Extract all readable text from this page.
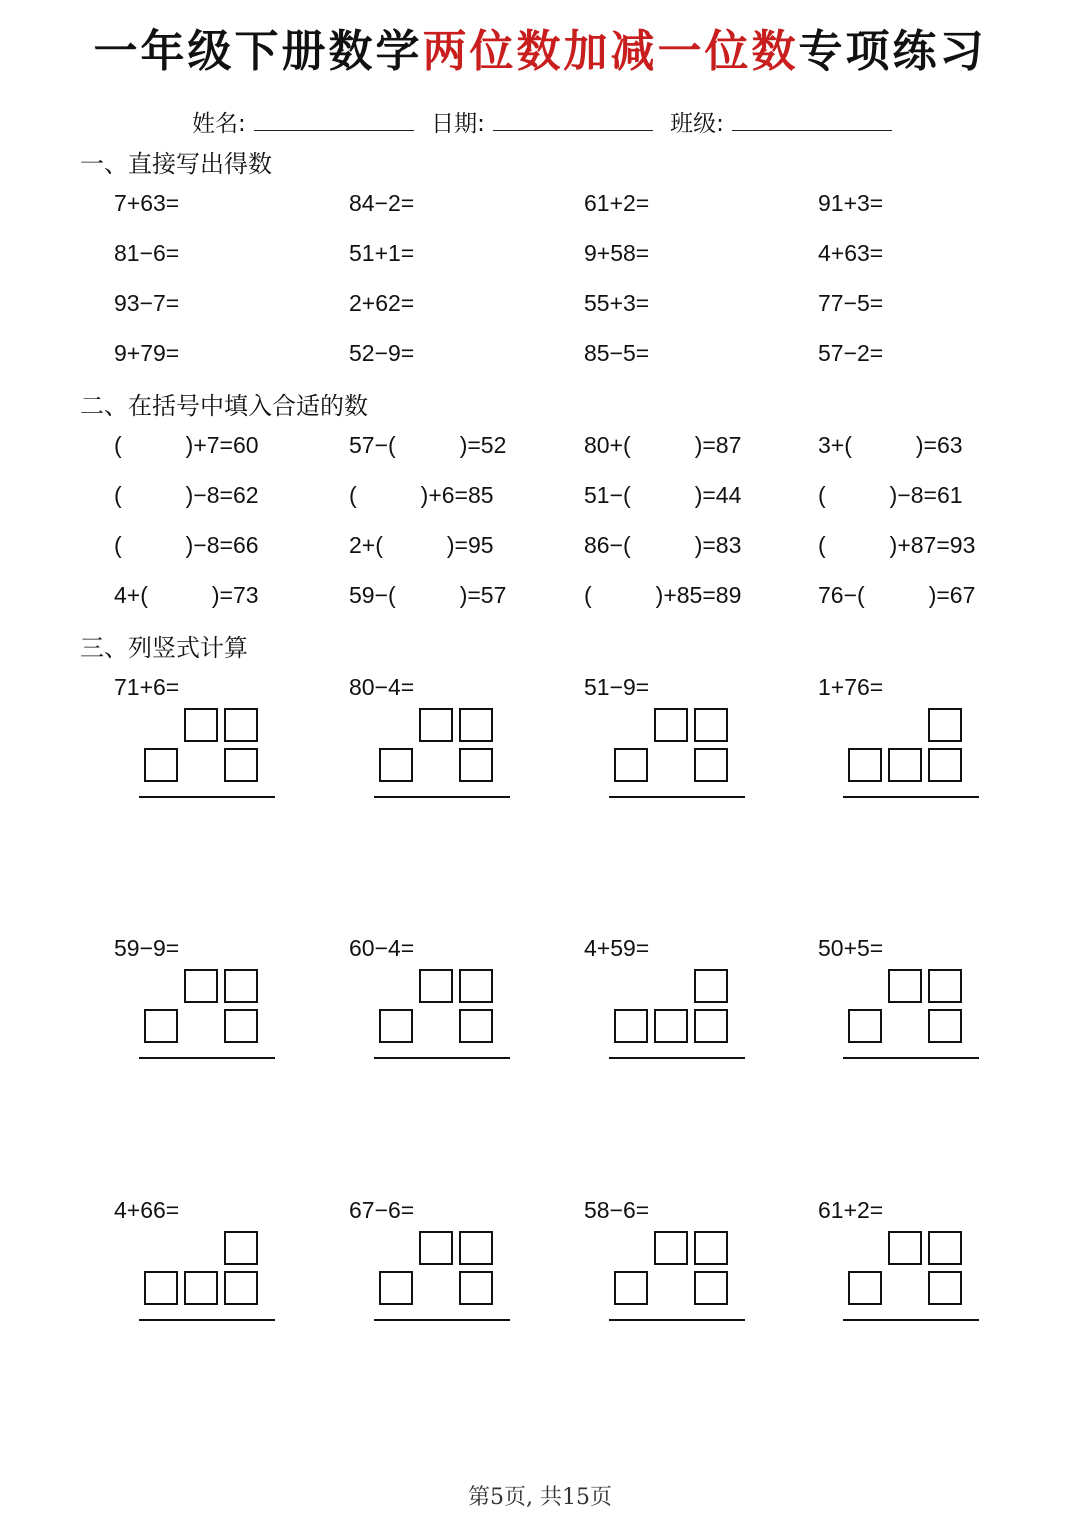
一年级下册数学两位数加减一位数专项练习
姓名:	日期:	班级:
一、直接写出得数
二、在括号中填入合适的数
三、列竖式计算
7+63=	84−2=	61+2=	91+3=
81−6=	51+1=	9+58=	4+63=
93−7=	2+62=	55+3=	77−5=
9+79=	52−9=	85−5=	57−2=
(	)+7=60	57−(	)=52	80+(	)=87	3+(	)=63
(	)−8=62	(	)+6=85	51−(	)=44	(	)−8=61
(	)−8=66	2+(	)=95	86−(	)=83	(	)+87=93
4+(	)=73	59−(	)=57	(	)+85=89	76−(	)=67
71+6=	80−4=	51−9=	1+76=
59−9=	60−4=	4+59=	50+5=
4+66=	67−6=	58−6=	61+2=
第5页, 共15页
